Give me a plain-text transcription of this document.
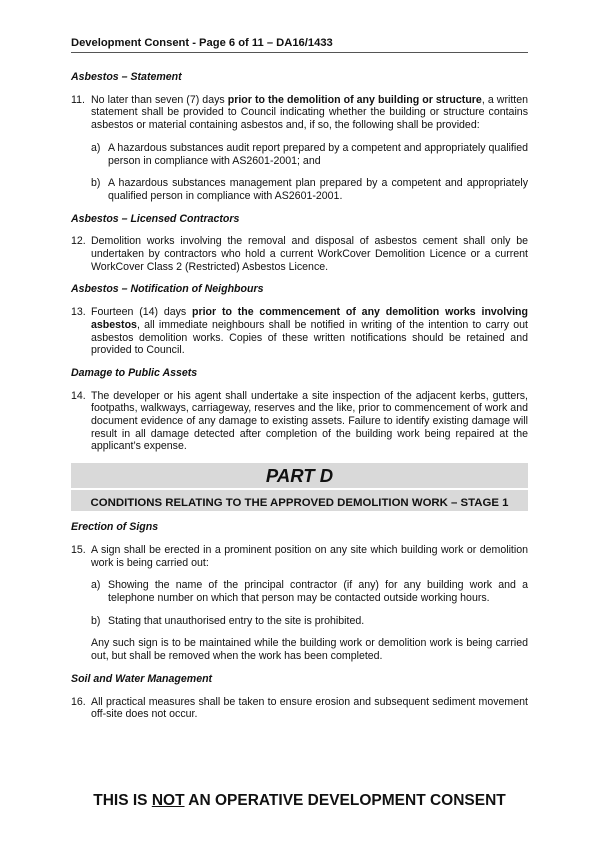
Development Consent - Page 6 of 11 – DA16/1433
Asbestos – Statement
11. No later than seven (7) days prior to the demolition of any building or structure, a written statement shall be provided to Council indicating whether the building or structure contains asbestos or material containing asbestos and, if so, the following shall be provided:
a) A hazardous substances audit report prepared by a competent and appropriately qualified person in compliance with AS2601-2001; and
b) A hazardous substances management plan prepared by a competent and appropriately qualified person in compliance with AS2601-2001.
Asbestos – Licensed Contractors
12. Demolition works involving the removal and disposal of asbestos cement shall only be undertaken by contractors who hold a current WorkCover Demolition Licence or a current WorkCover Class 2 (Restricted) Asbestos Licence.
Asbestos – Notification of Neighbours
13. Fourteen (14) days prior to the commencement of any demolition works involving asbestos, all immediate neighbours shall be notified in writing of the intention to carry out asbestos demolition works. Copies of these written notifications should be retained and provided to Council.
Damage to Public Assets
14. The developer or his agent shall undertake a site inspection of the adjacent kerbs, gutters, footpaths, walkways, carriageway, reserves and the like, prior to commencement of work and document evidence of any damage to existing assets. Failure to identify existing damage will result in all damage detected after completion of the building work being repaired at the applicant’s expense.
PART D
CONDITIONS RELATING TO THE APPROVED DEMOLITION WORK – STAGE 1
Erection of Signs
15. A sign shall be erected in a prominent position on any site which building work or demolition work is being carried out:
a) Showing the name of the principal contractor (if any) for any building work and a telephone number on which that person may be contacted outside working hours.
b) Stating that unauthorised entry to the site is prohibited.
Any such sign is to be maintained while the building work or demolition work is being carried out, but shall be removed when the work has been completed.
Soil and Water Management
16. All practical measures shall be taken to ensure erosion and subsequent sediment movement off-site does not occur.
THIS IS NOT AN OPERATIVE DEVELOPMENT CONSENT
